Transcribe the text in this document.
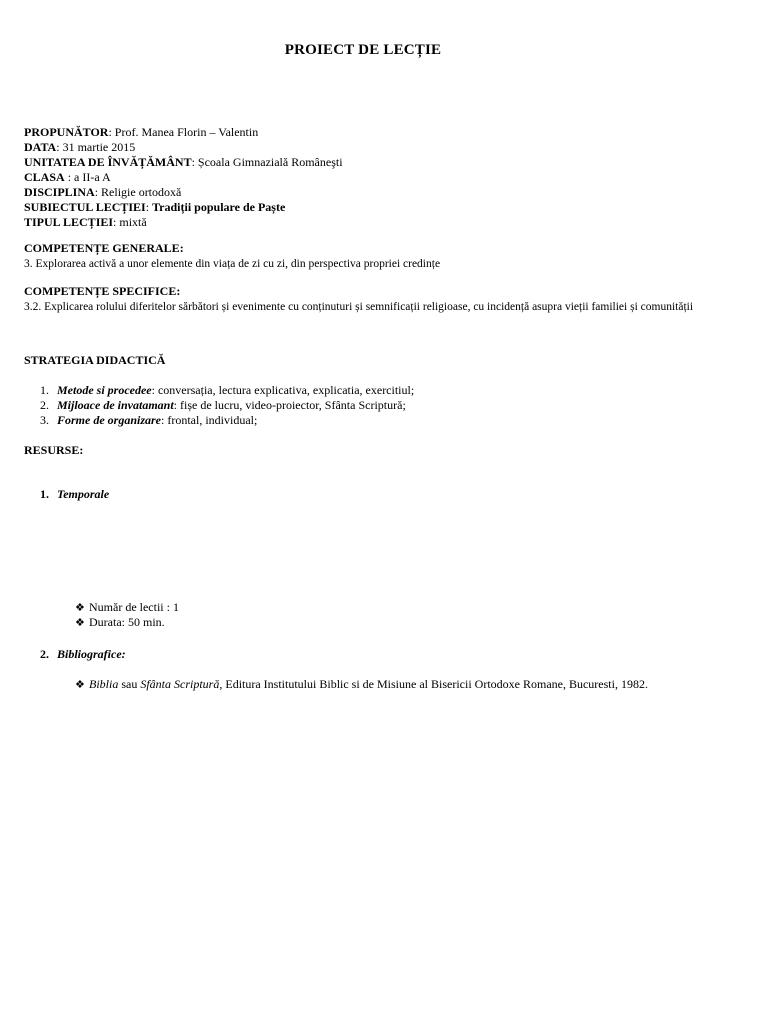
PROIECT DE LECȚIE
PROPUNĂTOR: Prof. Manea Florin – Valentin
DATA: 31 martie 2015
UNITATEA DE ÎNVĂȚĂMÂNT: Școala Gimnazială Româneşti
CLASA : a II-a A
DISCIPLINA: Religie ortodoxă
SUBIECTUL LECȚIEI: Tradiții populare de Paște
TIPUL LECȚIEI: mixtă
COMPETENȚE GENERALE:
3. Explorarea activă a unor elemente din viața de zi cu zi, din perspectiva propriei credințe
COMPETENȚE SPECIFICE:
3.2. Explicarea rolului diferitelor sărbători și evenimente cu conținuturi și semnificații religioase, cu incidență asupra vieții familiei și comunității
STRATEGIA DIDACTICĂ
1. Metode si procedee: conversația, lectura explicativa, explicatia, exercitiul;
2. Mijloace de invatamant: fișe de lucru, video-proiector, Sfânta Scriptură;
3. Forme de organizare: frontal, individual;
RESURSE:
1. Temporale
❖ Număr de lectii : 1
❖ Durata: 50 min.
2. Bibliografice:
❖ Biblia sau Sfânta Scriptură, Editura Institutului Biblic si de Misiune al Bisericii Ortodoxe Romane, Bucuresti, 1982.
